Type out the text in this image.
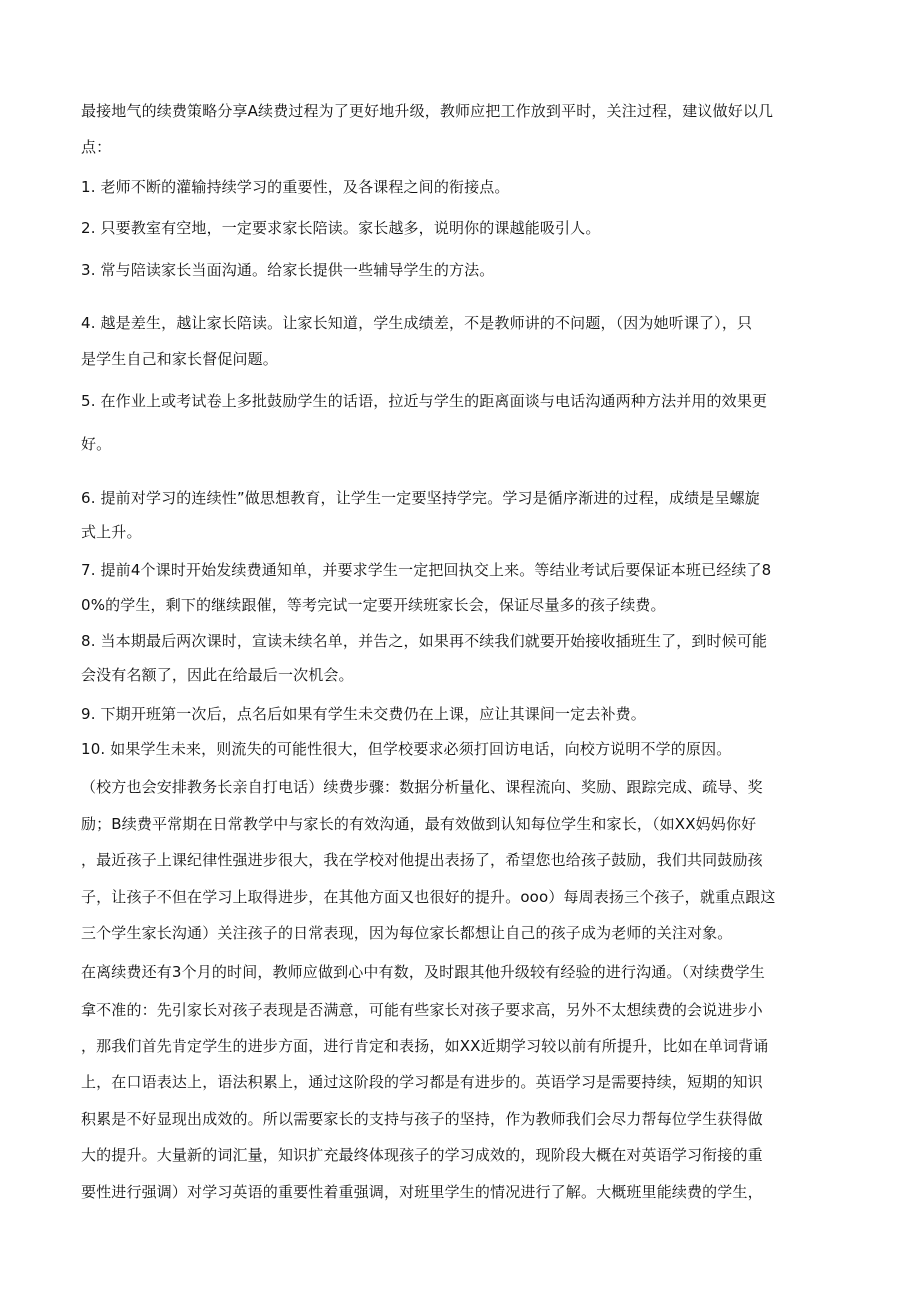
最接地气的续费策略分享A续费过程为了更好地升级，教师应把工作放到平时，关注过程，建议做好以几

点：

1. 老师不断的灌输持续学习的重要性，及各课程之间的衔接点。

2. 只要教室有空地，一定要求家长陪读。家长越多，说明你的课越能吸引人。

3. 常与陪读家长当面沟通。给家长提供一些辅导学生的方法。

4. 越是差生，越让家长陪读。让家长知道，学生成绩差，不是教师讲的不问题，（因为她听课了），只

是学生自己和家长督促问题。

5. 在作业上或考试卷上多批鼓励学生的话语，拉近与学生的距离面谈与电话沟通两种方法并用的效果更

好。

6. 提前对学习的连续性”做思想教育，让学生一定要坚持学完。学习是循序渐进的过程，成绩是呈螺旋

式上升。

7. 提前4个课时开始发续费通知单，并要求学生一定把回执交上来。等结业考试后要保证本班已经续了8

0%的学生，剩下的继续跟催，等考完试一定要开续班家长会，保证尽量多的孩子续费。

8. 当本期最后两次课时，宣读未续名单，并告之，如果再不续我们就要开始接收插班生了，到时候可能

会没有名额了，因此在给最后一次机会。

9. 下期开班第一次后，点名后如果有学生未交费仍在上课，应让其课间一定去补费。

10. 如果学生未来，则流失的可能性很大，但学校要求必须打回访电话，向校方说明不学的原因。

（校方也会安排教务长亲自打电话）续费步骤：数据分析量化、课程流向、奖励、跟踪完成、疏导、奖

励；B续费平常期在日常教学中与家长的有效沟通，最有效做到认知每位学生和家长，（如XX妈妈你好

，最近孩子上课纪律性强进步很大，我在学校对他提出表扬了，希望您也给孩子鼓励，我们共同鼓励孩

子，让孩子不但在学习上取得进步，在其他方面又也很好的提升。ooo）每周表扬三个孩子，就重点跟这

三个学生家长沟通）关注孩子的日常表现，因为每位家长都想让自己的孩子成为老师的关注对象。

在离续费还有3个月的时间，教师应做到心中有数，及时跟其他升级较有经验的进行沟通。（对续费学生

拿不准的：先引家长对孩子表现是否满意，可能有些家长对孩子要求高，另外不太想续费的会说进步小

，那我们首先肯定学生的进步方面，进行肯定和表扬，如XX近期学习较以前有所提升，比如在单词背诵

上，在口语表达上，语法积累上，通过这阶段的学习都是有进步的。英语学习是需要持续，短期的知识

积累是不好显现出成效的。所以需要家长的支持与孩子的坚持，作为教师我们会尽力帮每位学生获得做

大的提升。大量新的词汇量，知识扩充最终体现孩子的学习成效的，现阶段大概在对英语学习衔接的重

要性进行强调）对学习英语的重要性着重强调，对班里学生的情况进行了解。大概班里能续费的学生，
